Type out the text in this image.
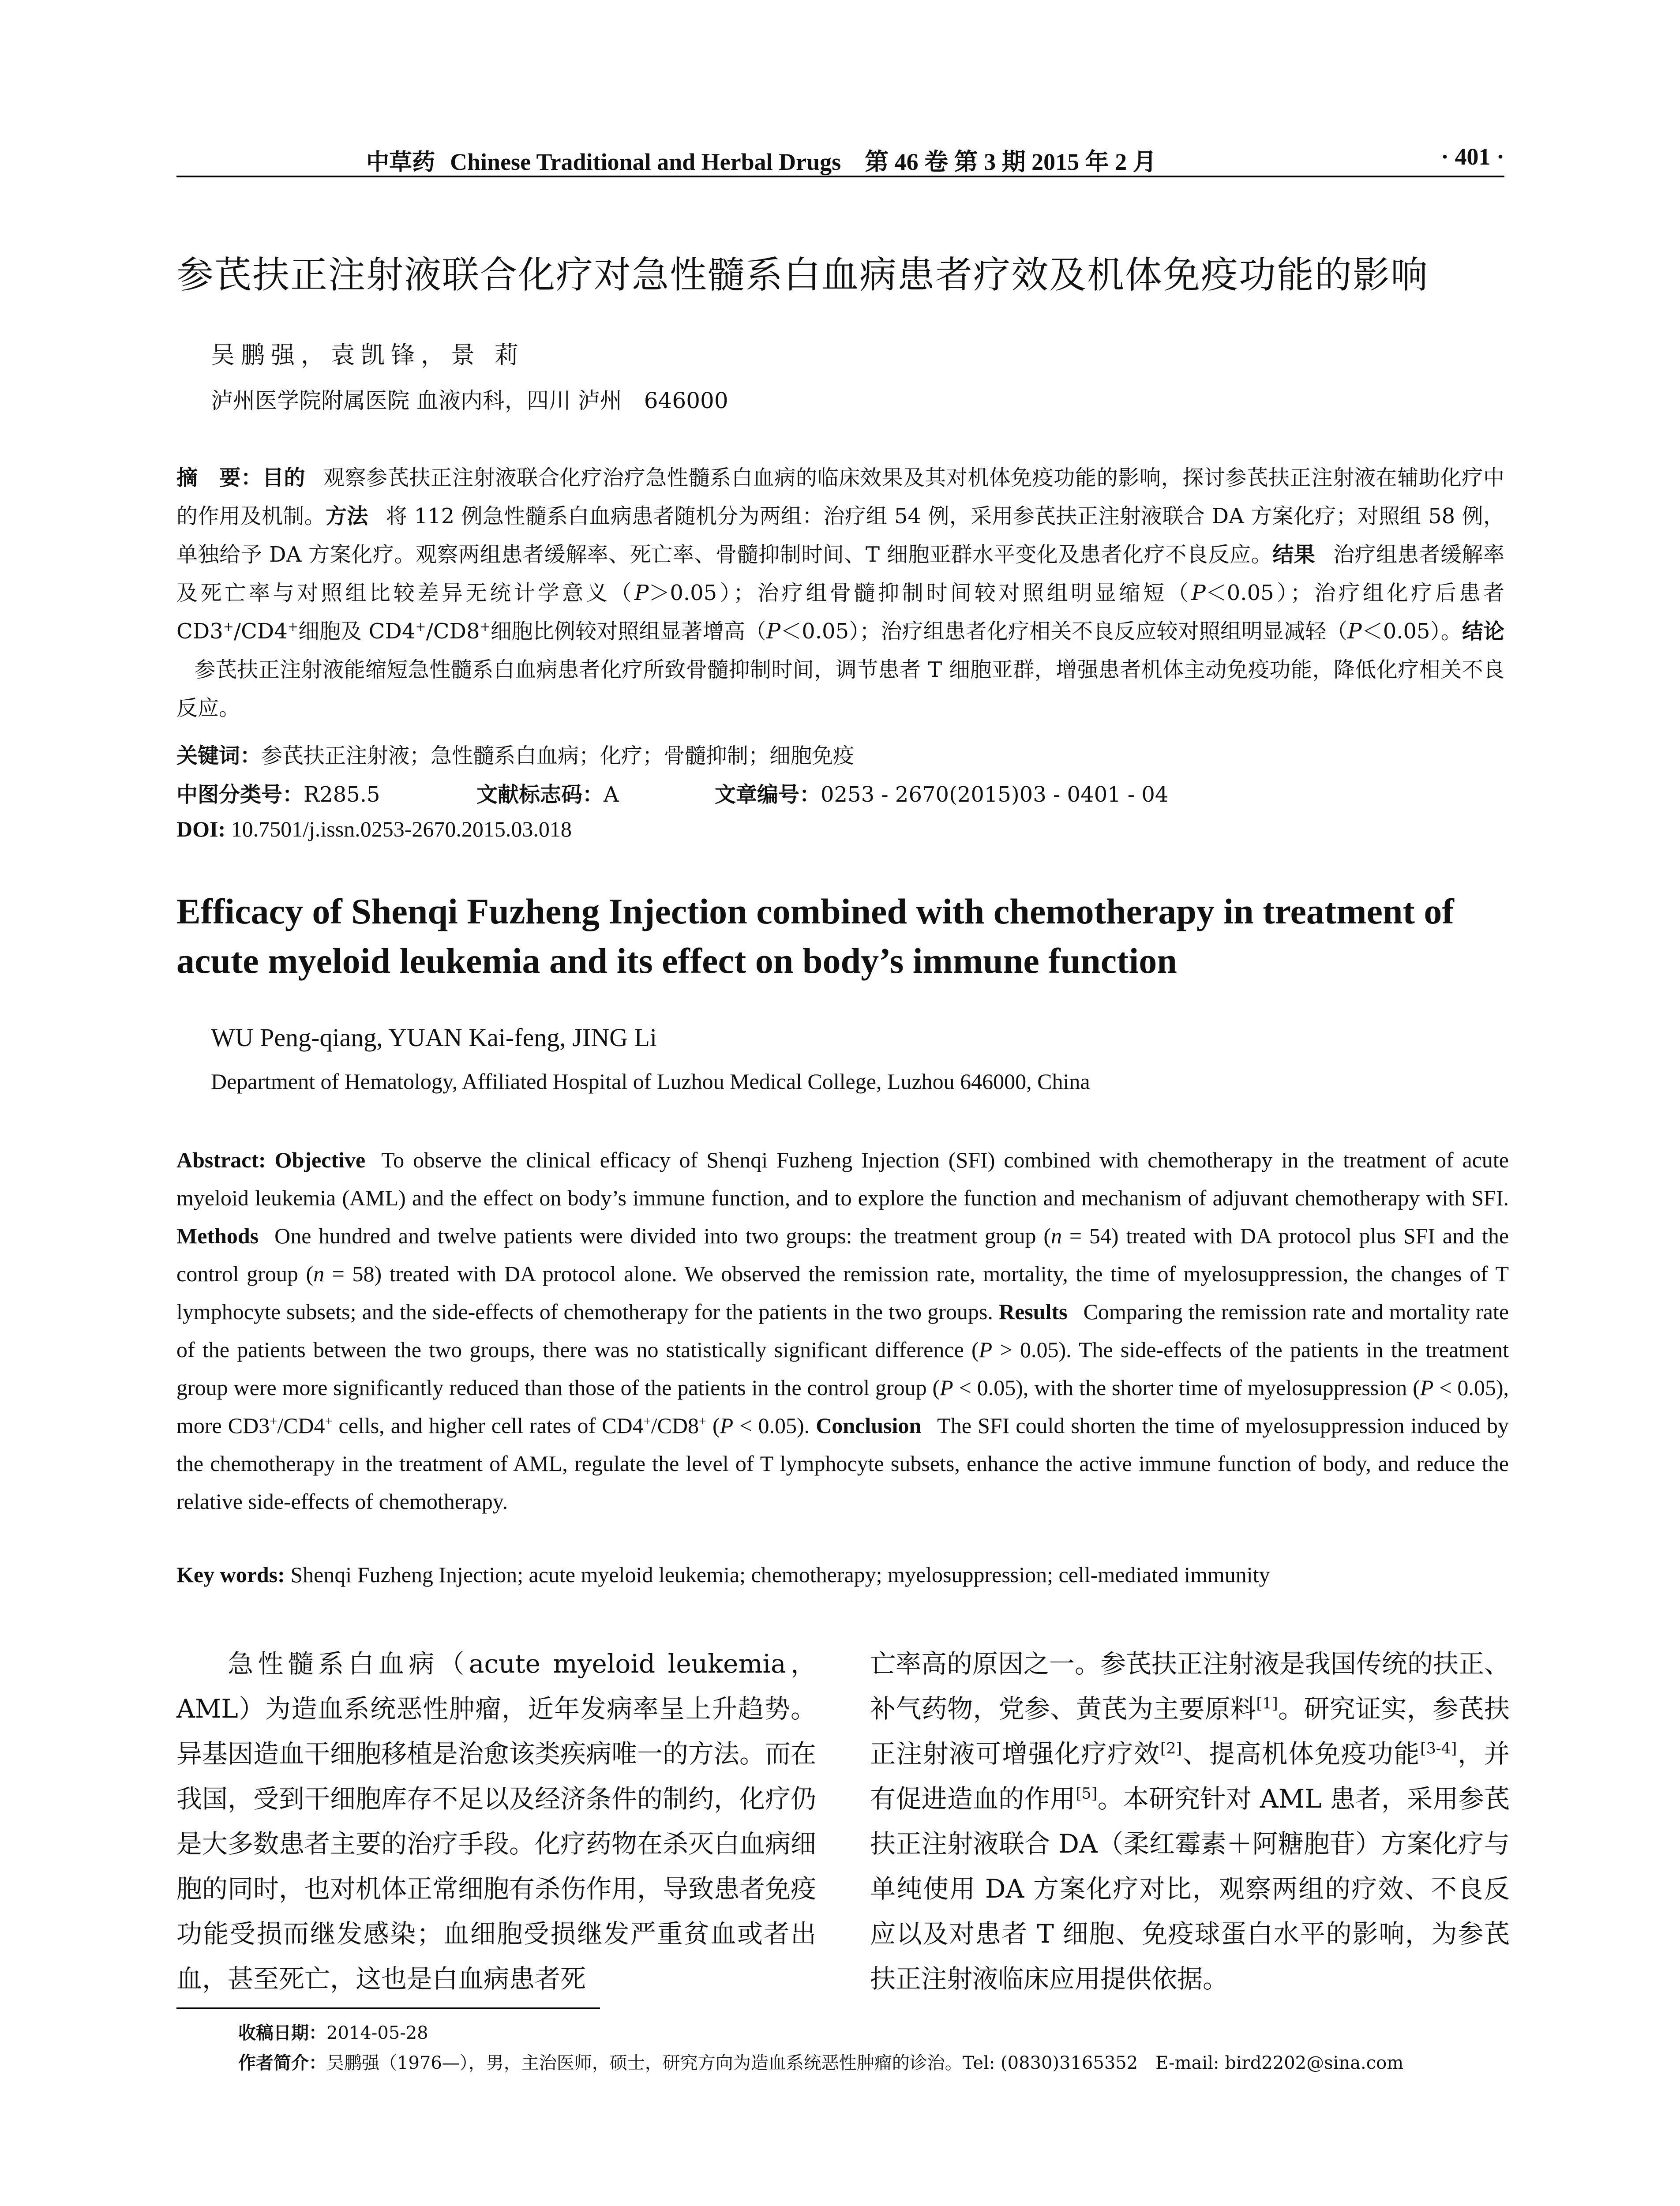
中草药 Chinese Traditional and Herbal Drugs　第 46 卷 第 3 期 2015 年 2 月	· 401 ·
参芪扶正注射液联合化疗对急性髓系白血病患者疗效及机体免疫功能的影响
吴鹏强，袁凯锋，景 莉
泸州医学院附属医院 血液内科，四川 泸州　646000
摘　要：目的 观察参芪扶正注射液联合化疗治疗急性髓系白血病的临床效果及其对机体免疫功能的影响，探讨参芪扶正注射液在辅助化疗中的作用及机制。方法 将 112 例急性髓系白血病患者随机分为两组：治疗组 54 例，采用参芪扶正注射液联合 DA 方案化疗；对照组 58 例，单独给予 DA 方案化疗。观察两组患者缓解率、死亡率、骨髓抑制时间、T 细胞亚群水平变化及患者化疗不良反应。结果 治疗组患者缓解率及死亡率与对照组比较差异无统计学意义（P＞0.05）；治疗组骨髓抑制时间较对照组明显缩短（P＜0.05）；治疗组化疗后患者 CD3+/CD4+细胞及 CD4+/CD8+细胞比例较对照组显著增高（P＜0.05）；治疗组患者化疗相关不良反应较对照组明显减轻（P＜0.05）。结论参芪扶正注射液能缩短急性髓系白血病患者化疗所致骨髓抑制时间，调节患者 T 细胞亚群，增强患者机体主动免疫功能，降低化疗相关不良反应。
关键词：参芪扶正注射液；急性髓系白血病；化疗；骨髓抑制；细胞免疫
中图分类号：R285.5	文献标志码：A	文章编号：0253 - 2670(2015)03 - 0401 - 04
DOI: 10.7501/j.issn.0253-2670.2015.03.018
Efficacy of Shenqi Fuzheng Injection combined with chemotherapy in treatment of acute myeloid leukemia and its effect on body’s immune function
WU Peng-qiang, YUAN Kai-feng, JING Li
Department of Hematology, Affiliated Hospital of Luzhou Medical College, Luzhou 646000, China
Abstract: Objective To observe the clinical efficacy of Shenqi Fuzheng Injection (SFI) combined with chemotherapy in the treatment of acute myeloid leukemia (AML) and the effect on body’s immune function, and to explore the function and mechanism of adjuvant chemotherapy with SFI. Methods One hundred and twelve patients were divided into two groups: the treatment group (n = 54) treated with DA protocol plus SFI and the control group (n = 58) treated with DA protocol alone. We observed the remission rate, mortality, the time of myelosuppression, the changes of T lymphocyte subsets; and the side-effects of chemotherapy for the patients in the two groups. Results Comparing the remission rate and mortality rate of the patients between the two groups, there was no statistically significant difference (P > 0.05). The side-effects of the patients in the treatment group were more significantly reduced than those of the patients in the control group (P < 0.05), with the shorter time of myelosuppression (P < 0.05), more CD3+/CD4+ cells, and higher cell rates of CD4+/CD8+ (P < 0.05). Conclusion The SFI could shorten the time of myelosuppression induced by the chemotherapy in the treatment of AML, regulate the level of T lymphocyte subsets, enhance the active immune function of body, and reduce the relative side-effects of chemotherapy.
Key words: Shenqi Fuzheng Injection; acute myeloid leukemia; chemotherapy; myelosuppression; cell-mediated immunity
急性髓系白血病（acute myeloid leukemia，AML）为造血系统恶性肿瘤，近年发病率呈上升趋势。异基因造血干细胞移植是治愈该类疾病唯一的方法。而在我国，受到干细胞库存不足以及经济条件的制约，化疗仍是大多数患者主要的治疗手段。化疗药物在杀灭白血病细胞的同时，也对机体正常细胞有杀伤作用，导致患者免疫功能受损而继发感染；血细胞受损继发严重贫血或者出血，甚至死亡，这也是白血病患者死
亡率高的原因之一。参芪扶正注射液是我国传统的扶正、补气药物，党参、黄芪为主要原料[1]。研究证实，参芪扶正注射液可增强化疗疗效[2]、提高机体免疫功能[3-4]，并有促进造血的作用[5]。本研究针对 AML 患者，采用参芪扶正注射液联合 DA（柔红霉素＋阿糖胞苷）方案化疗与单纯使用 DA 方案化疗对比，观察两组的疗效、不良反应以及对患者 T 细胞、免疫球蛋白水平的影响，为参芪扶正注射液临床应用提供依据。
收稿日期：2014-05-28
作者简介：吴鹏强（1976—），男，主治医师，硕士，研究方向为造血系统恶性肿瘤的诊治。Tel: (0830)3165352　E-mail: bird2202@sina.com
